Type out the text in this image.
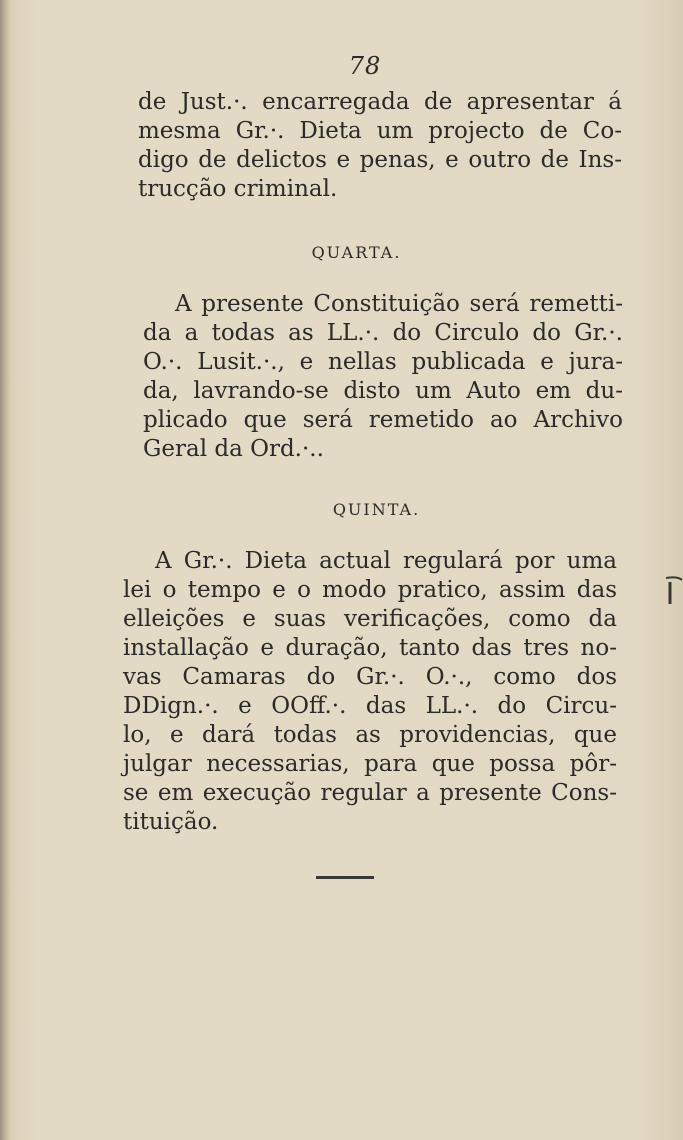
78
de Just.·. encarregada de apresentar á
mesma Gr.·. Dieta um projecto de Co-
digo de delictos e penas, e outro de Ins-
trucção criminal.
QUARTA.
A presente Constituição será remetti-
da a todas as LL.·. do Circulo do Gr.·.
O.·. Lusit.·., e nellas publicada e jura-
da, lavrando-se disto um Auto em du-
plicado que será remetido ao Archivo
Geral da Ord.·..
QUINTA.
A Gr.·. Dieta actual regulará por uma
lei o tempo e o modo pratico, assim das
elleições e suas verificações, como da
installação e duração, tanto das tres no-
vas Camaras do Gr.·. O.·., como dos
DDign.·. e OOff.·. das LL.·. do Circu-
lo, e dará todas as providencias, que
julgar necessarias, para que possa pôr-
se em execução regular a presente Cons-
tituição.
